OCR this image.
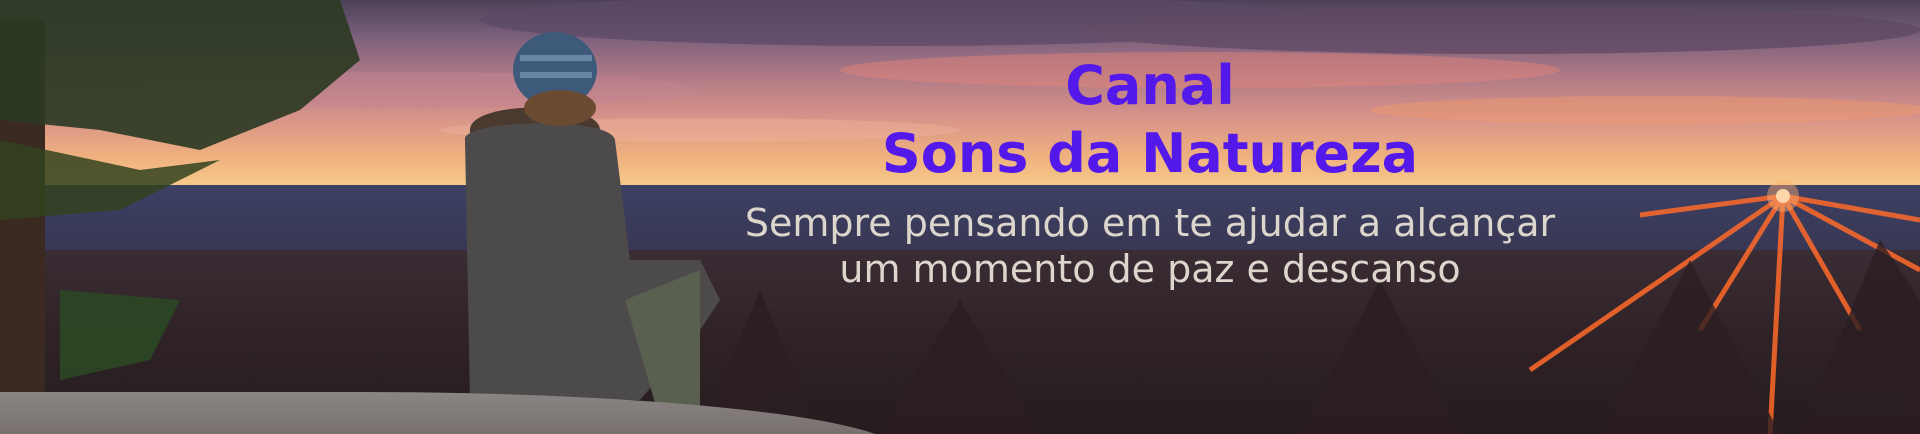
Canal

Sons da Natureza

Sempre pensando em te ajudar a alcançar

um momento de paz e descanso
